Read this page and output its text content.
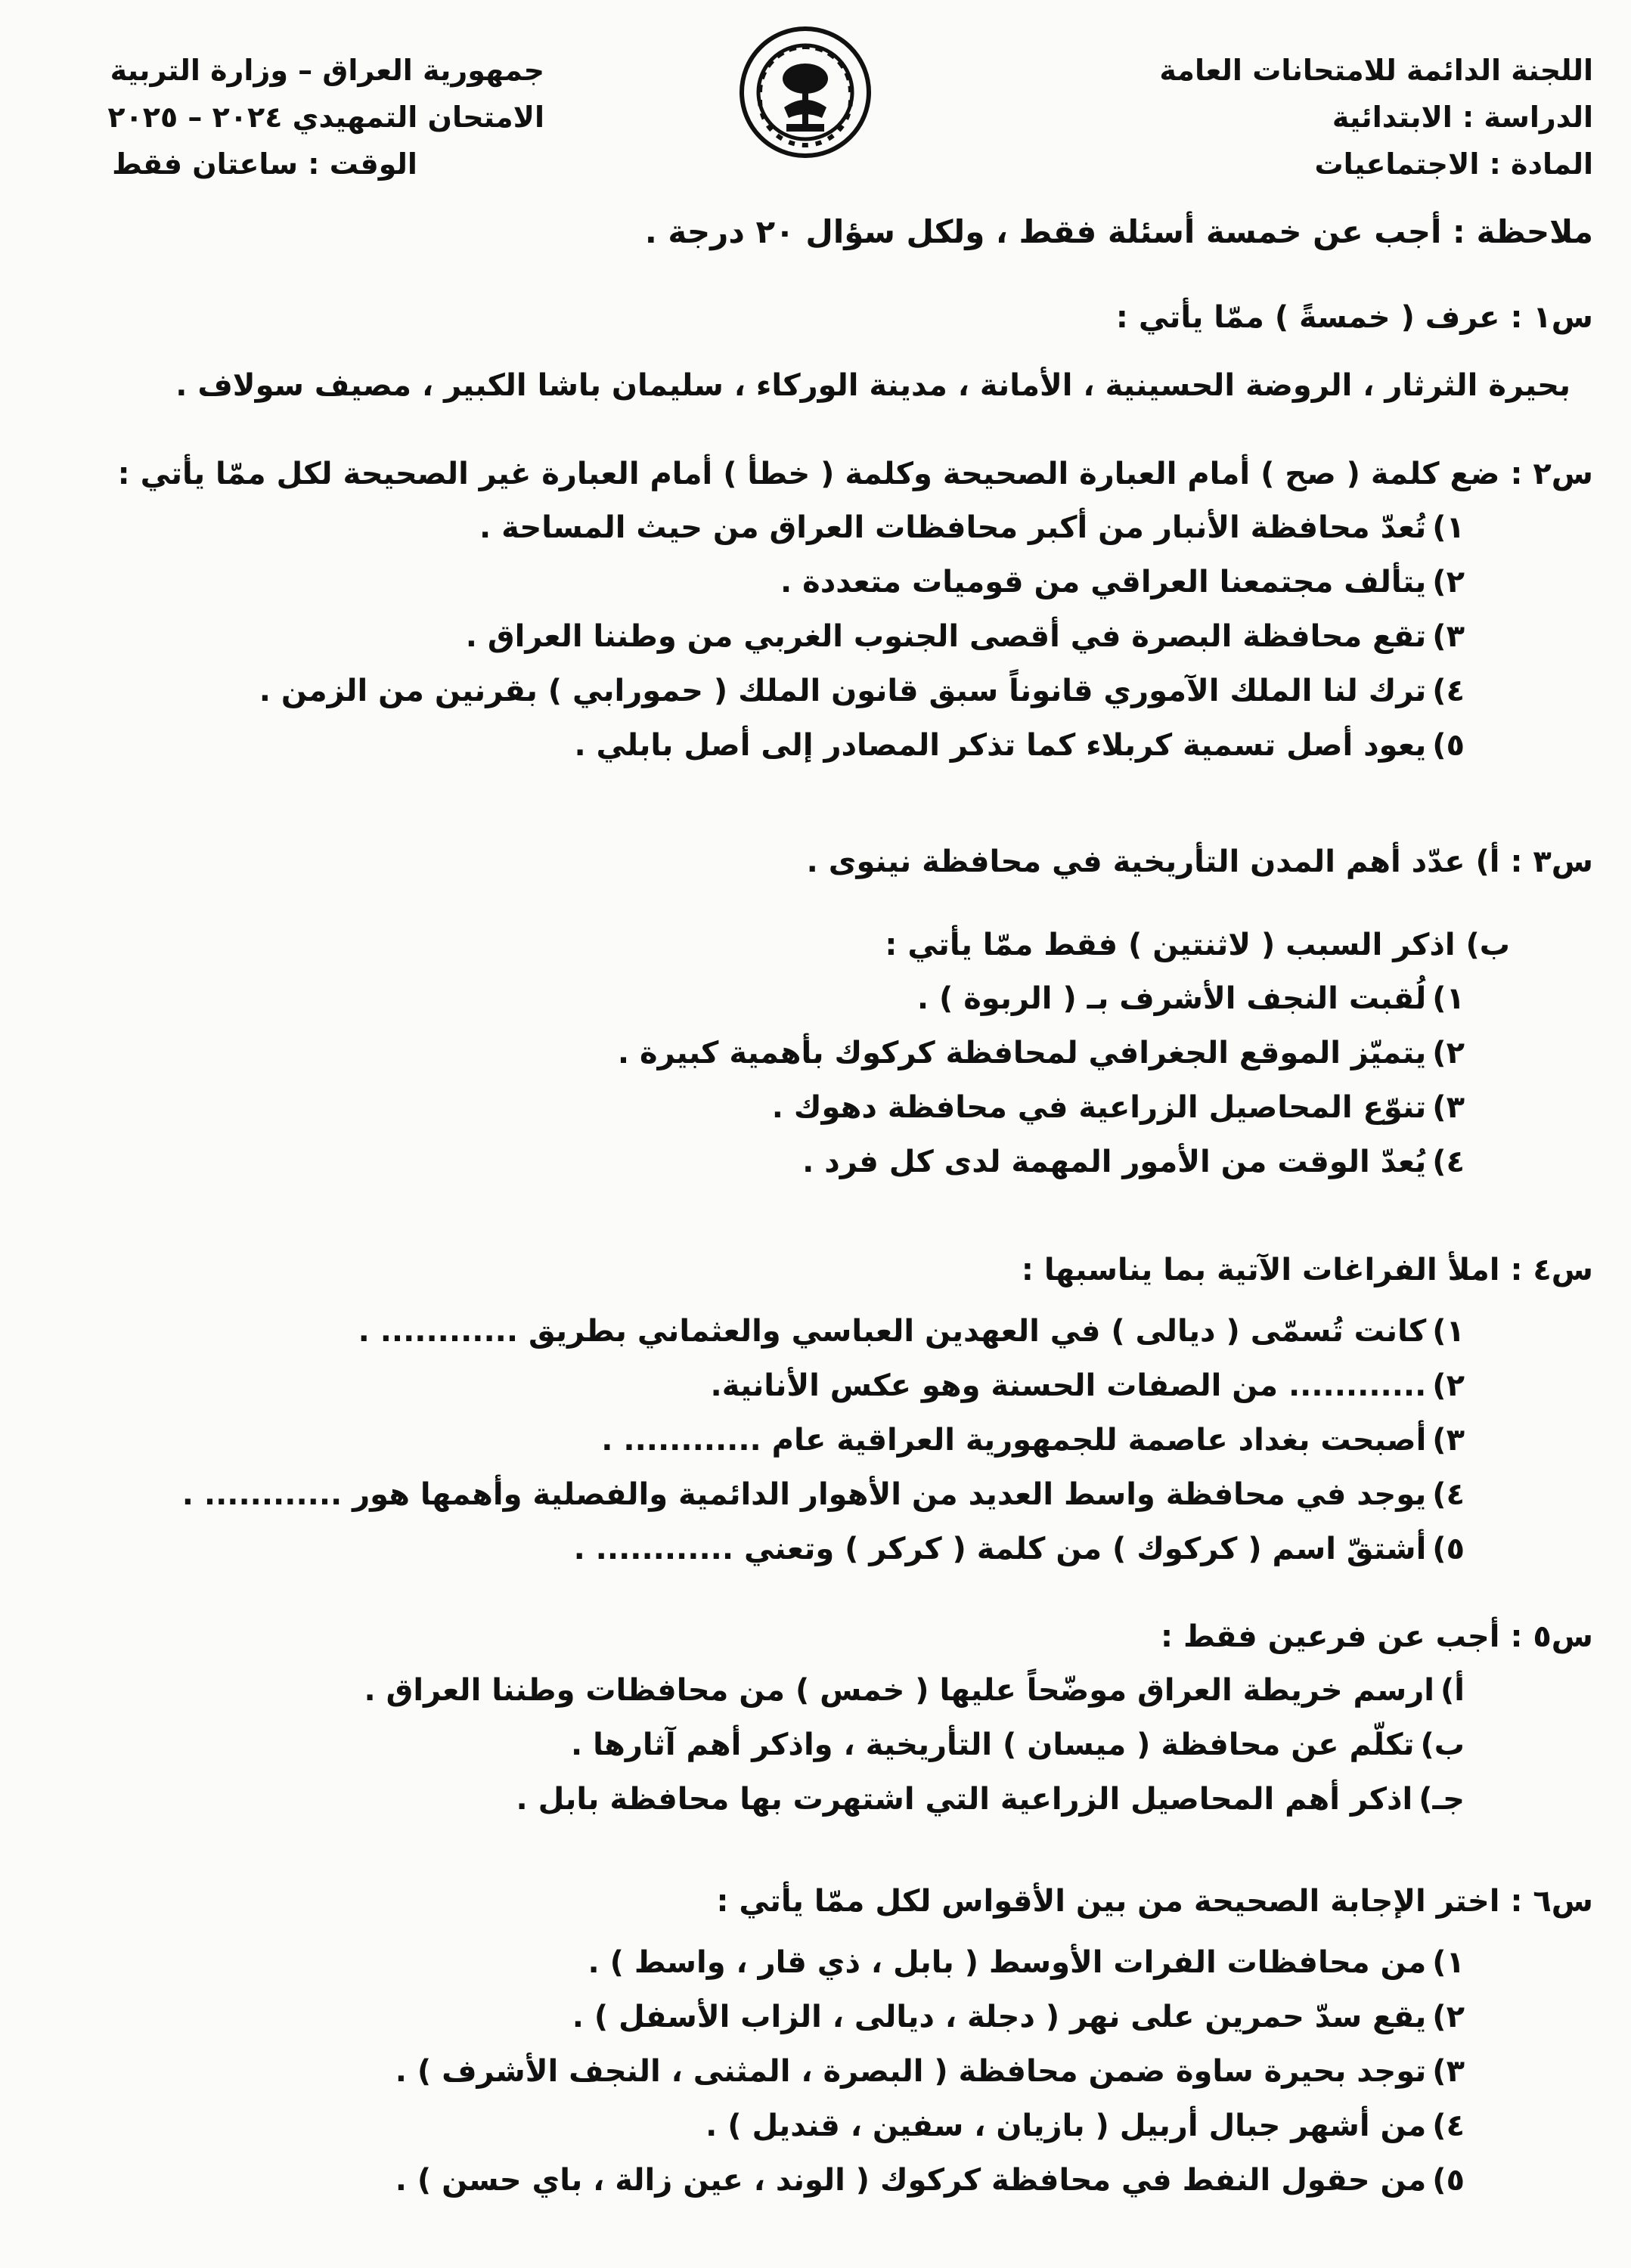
اللجنة الدائمة للامتحانات العامة
الدراسة : الابتدائية
المادة : الاجتماعيات
جمهورية العراق – وزارة التربية
الامتحان التمهيدي ٢٠٢٤ – ٢٠٢٥
الوقت : ساعتان فقط
ملاحظة : أجب عن خمسة أسئلة فقط ، ولكل سؤال ٢٠ درجة .
س١ :عرف ( خمسةً ) ممّا يأتي :
بحيرة الثرثار ، الروضة الحسينية ، الأمانة ، مدينة الوركاء ، سليمان باشا الكبير ، مصيف سولاف .
س٢ :ضع كلمة ( صح ) أمام العبارة الصحيحة وكلمة ( خطأ ) أمام العبارة غير الصحيحة لكل ممّا يأتي :
١)تُعدّ محافظة الأنبار من أكبر محافظات العراق من حيث المساحة .
٢)يتألف مجتمعنا العراقي من قوميات متعددة .
٣)تقع محافظة البصرة في أقصى الجنوب الغربي من وطننا العراق .
٤)ترك لنا الملك الآموري قانوناً سبق قانون الملك ( حمورابي ) بقرنين من الزمن .
٥)يعود أصل تسمية كربلاء كما تذكر المصادر إلى أصل بابلي .
س٣ :أ) عدّد أهم المدن التأريخية في محافظة نينوى .
ب) اذكر السبب ( لاثنتين ) فقط ممّا يأتي :
١)لُقبت النجف الأشرف بـ ( الربوة ) .
٢)يتميّز الموقع الجغرافي لمحافظة كركوك بأهمية كبيرة .
٣)تنوّع المحاصيل الزراعية في محافظة دهوك .
٤)يُعدّ الوقت من الأمور المهمة لدى كل فرد .
س٤ :املأ الفراغات الآتية بما يناسبها :
١)كانت تُسمّى ( ديالى ) في العهدين العباسي والعثماني بطريق ............ .
٢)............ من الصفات الحسنة وهو عكس الأنانية.
٣)أصبحت بغداد عاصمة للجمهورية العراقية عام ............ .
٤)يوجد في محافظة واسط العديد من الأهوار الدائمية والفصلية وأهمها هور ............ .
٥)أشتقّ اسم ( كركوك ) من كلمة ( كركر ) وتعني ............ .
س٥ :أجب عن فرعين فقط :
أ)ارسم خريطة العراق موضّحاً عليها ( خمس ) من محافظات وطننا العراق .
ب)تكلّم عن محافظة ( ميسان ) التأريخية ، واذكر أهم آثارها .
جـ)اذكر أهم المحاصيل الزراعية التي اشتهرت بها محافظة بابل .
س٦ :اختر الإجابة الصحيحة من بين الأقواس لكل ممّا يأتي :
١)من محافظات الفرات الأوسط ( بابل ، ذي قار ، واسط ) .
٢)يقع سدّ حمرين على نهر ( دجلة ، ديالى ، الزاب الأسفل ) .
٣)توجد بحيرة ساوة ضمن محافظة ( البصرة ، المثنى ، النجف الأشرف ) .
٤)من أشهر جبال أربيل ( بازيان ، سفين ، قنديل ) .
٥)من حقول النفط في محافظة كركوك ( الوند ، عين زالة ، باي حسن ) .
